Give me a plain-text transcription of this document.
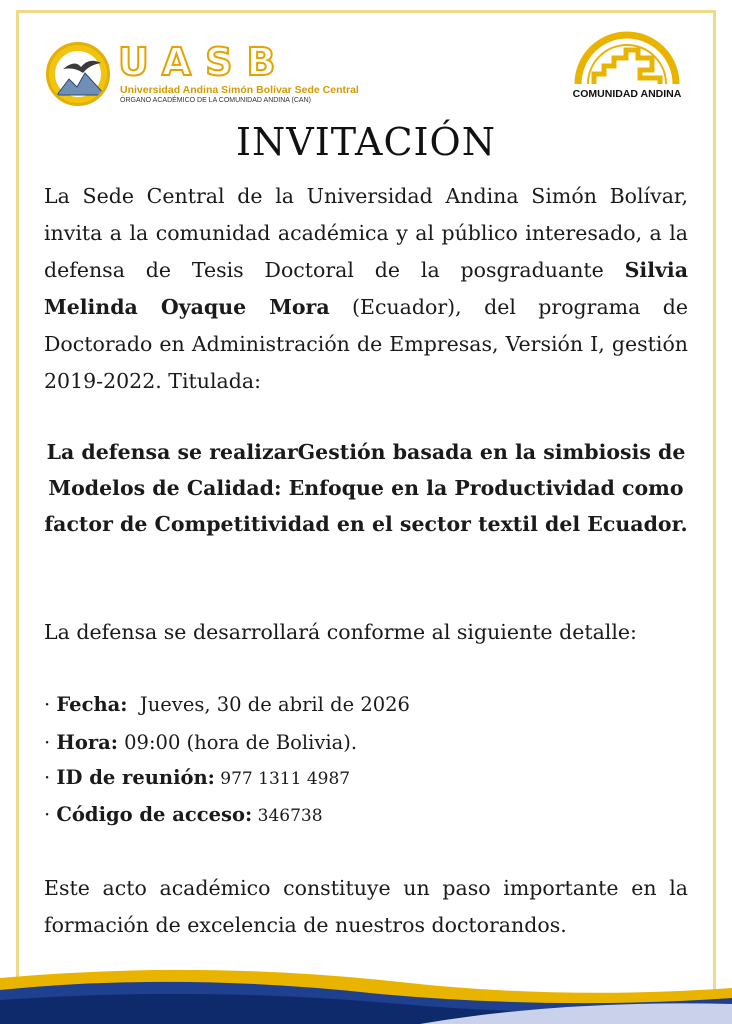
UASB
Universidad Andina Simón Bolívar Sede Central
ÓRGANO ACADÉMICO DE LA COMUNIDAD ANDINA (CAN)
COMUNIDAD ANDINA
INVITACIÓN

La Sede Central de la Universidad Andina Simón Bolívar, invita a la comunidad académica y al público interesado, a la defensa de Tesis Doctoral de la posgraduante Silvia Melinda Oyaque Mora (Ecuador), del programa de Doctorado en Administración de Empresas, Versión I, gestión 2019-2022. Titulada:

La defensa se realizarGestión basada en la simbiosis de Modelos de Calidad: Enfoque en la Productividad como factor de Competitividad en el sector textil del Ecuador.

La defensa se desarrollará conforme al siguiente detalle:

· Fecha:  Jueves, 30 de abril de 2026

· Hora: 09:00 (hora de Bolivia).

· ID de reunión: 977 1311 4987

· Código de acceso: 346738

Este acto académico constituye un paso importante en la formación de excelencia de nuestros doctorandos.
